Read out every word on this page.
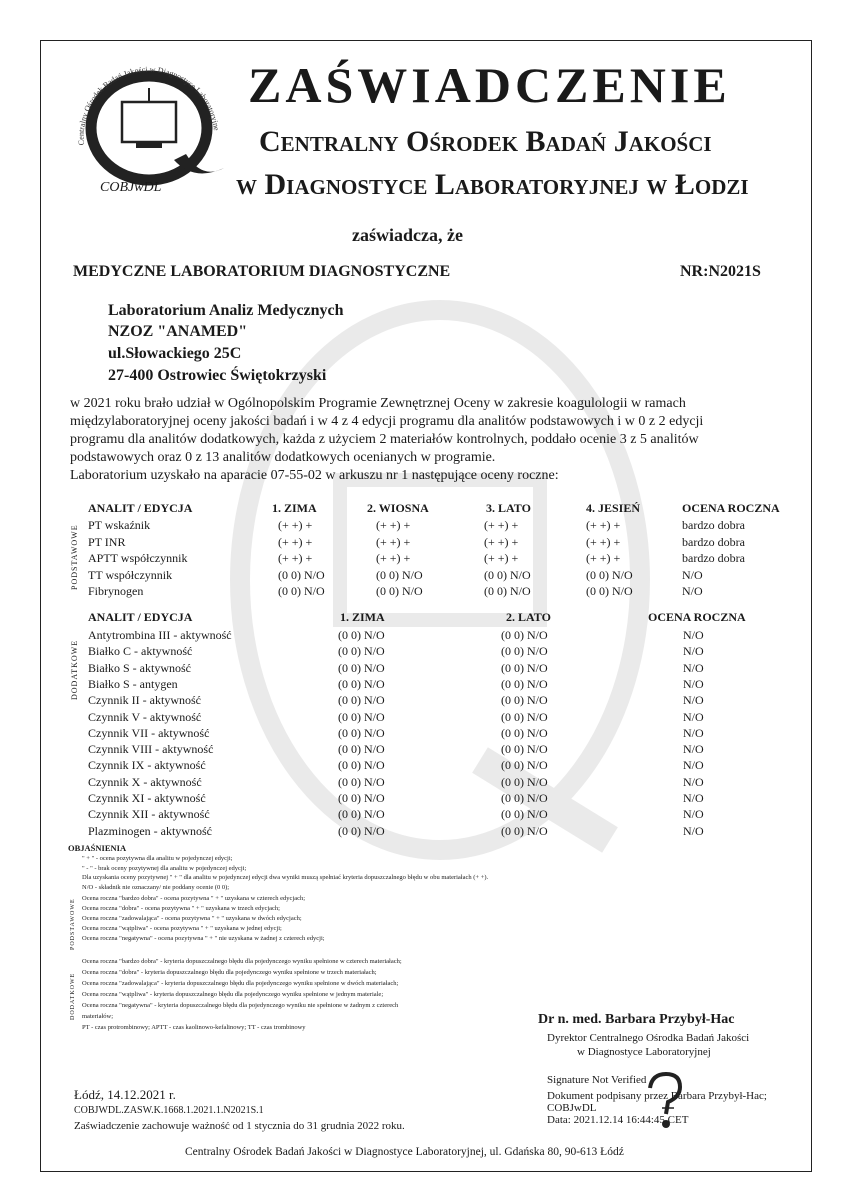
Centralny Ośrodek Badań Jakości w Diagnostyce Laboratoryjne
COBJwDL
ZAŚWIADCZENIE
Centralny Ośrodek Badań Jakości
w Diagnostyce Laboratoryjnej w Łodzi
zaświadcza, że
MEDYCZNE LABORATORIUM DIAGNOSTYCZNE	NR:N2021S
Laboratorium Analiz Medycznych
NZOZ "ANAMED"
ul.Słowackiego 25C
27-400 Ostrowiec Świętokrzyski
w 2021 roku brało udział w Ogólnopolskim Programie Zewnętrznej Oceny w zakresie koagulologii w ramach
międzylaboratoryjnej oceny jakości badań i w 4 z 4 edycji programu dla analitów podstawowych i w 0 z 2 edycji
programu dla analitów dodatkowych, każda z użyciem 2 materiałów kontrolnych, poddało ocenie 3 z 5 analitów
podstawowych oraz 0 z 13 analitów dodatkowych ocenianych w programie.
Laboratorium uzyskało na aparacie 07-55-02 w arkuszu nr 1 następujące oceny roczne:
PODSTAWOWE
ANALIT / EDYCJA	1. ZIMA	2. WIOSNA	3. LATO	4. JESIEŃ	OCENA ROCZNA
PT wskaźnik	(+ +) +	(+ +) +	(+ +) +	(+ +) +	bardzo dobra
PT INR	(+ +) +	(+ +) +	(+ +) +	(+ +) +	bardzo dobra
APTT współczynnik	(+ +) +	(+ +) +	(+ +) +	(+ +) +	bardzo dobra
TT współczynnik	(0 0) N/O	(0 0) N/O	(0 0) N/O	(0 0) N/O	N/O
Fibrynogen	(0 0) N/O	(0 0) N/O	(0 0) N/O	(0 0) N/O	N/O
DODATKOWE
ANALIT / EDYCJA	1. ZIMA	2. LATO	OCENA ROCZNA
Antytrombina III - aktywność	(0 0) N/O	(0 0) N/O	N/O
Białko C - aktywność	(0 0) N/O	(0 0) N/O	N/O
Białko S - aktywność	(0 0) N/O	(0 0) N/O	N/O
Białko S - antygen	(0 0) N/O	(0 0) N/O	N/O
Czynnik II - aktywność	(0 0) N/O	(0 0) N/O	N/O
Czynnik V - aktywność	(0 0) N/O	(0 0) N/O	N/O
Czynnik VII - aktywność	(0 0) N/O	(0 0) N/O	N/O
Czynnik VIII - aktywność	(0 0) N/O	(0 0) N/O	N/O
Czynnik IX - aktywność	(0 0) N/O	(0 0) N/O	N/O
Czynnik X - aktywność	(0 0) N/O	(0 0) N/O	N/O
Czynnik XI - aktywność	(0 0) N/O	(0 0) N/O	N/O
Czynnik XII - aktywność	(0 0) N/O	(0 0) N/O	N/O
Plazminogen - aktywność	(0 0) N/O	(0 0) N/O	N/O
OBJAŚNIENIA
" + " - ocena pozytywna dla analitu w pojedynczej edycji;
" - " - brak oceny pozytywnej dla analitu w pojedynczej edycji;
Dla uzyskania oceny pozytywnej " + " dla analitu w pojedynczej edycji dwa wyniki muszą spełniać kryteria dopuszczalnego błędu w obu materiałach (+ +).
N/O - składnik nie oznaczany/ nie poddany ocenie (0 0);
PODSTAWOWE Ocena roczna "bardzo dobra" - ocena pozytywna " + " uzyskana w czterech edycjach;
Ocena roczna "dobra" - ocena pozytywna " + " uzyskana w trzech edycjach;
Ocena roczna "zadowalająca" - ocena pozytywna " + " uzyskana w dwóch edycjach;
Ocena roczna "wątpliwa" - ocena pozytywna " + " uzyskana w jednej edycji;
Ocena roczna "negatywna" - ocena pozytywna " + " nie uzyskana w żadnej z czterech edycji;
DODATKOWE
Ocena roczna "bardzo dobra" - kryteria dopuszczalnego błędu dla pojedynczego wyniku spełnione w czterech materiałach;
Ocena roczna "dobra" - kryteria dopuszczalnego błędu dla pojedynczego wyniku spełnione w trzech materiałach;
Ocena roczna "zadowalająca" - kryteria dopuszczalnego błędu dla pojedynczego wyniku spełnione w dwóch materiałach;
Ocena roczna "wątpliwa" - kryteria dopuszczalnego błędu dla pojedynczego wyniku spełnione w jednym materiale;
Ocena roczna "negatywna" - kryteria dopuszczalnego błędu dla pojedynczego wyniku nie spełnione w żadnym z czterech
materiałów;
PT - czas protrombinowy; APTT - czas kaolinowo-kefalinowy; TT - czas trombinowy
Dr n. med. Barbara Przybył-Hac
Dyrektor Centralnego Ośrodka Badań Jakości
w Diagnostyce Laboratoryjnej
Signature Not Verified
Dokument podpisany przez Barbara Przybył-Hac;
COBJwDL
Data: 2021.12.14 16:44:45 CET
Łódź, 14.12.2021 r.
COBJWDL.ZASW.K.1668.1.2021.1.N2021S.1
Zaświadczenie zachowuje ważność od 1 stycznia do 31 grudnia 2022 roku.
Centralny Ośrodek Badań Jakości w Diagnostyce Laboratoryjnej, ul. Gdańska 80, 90-613 Łódź
